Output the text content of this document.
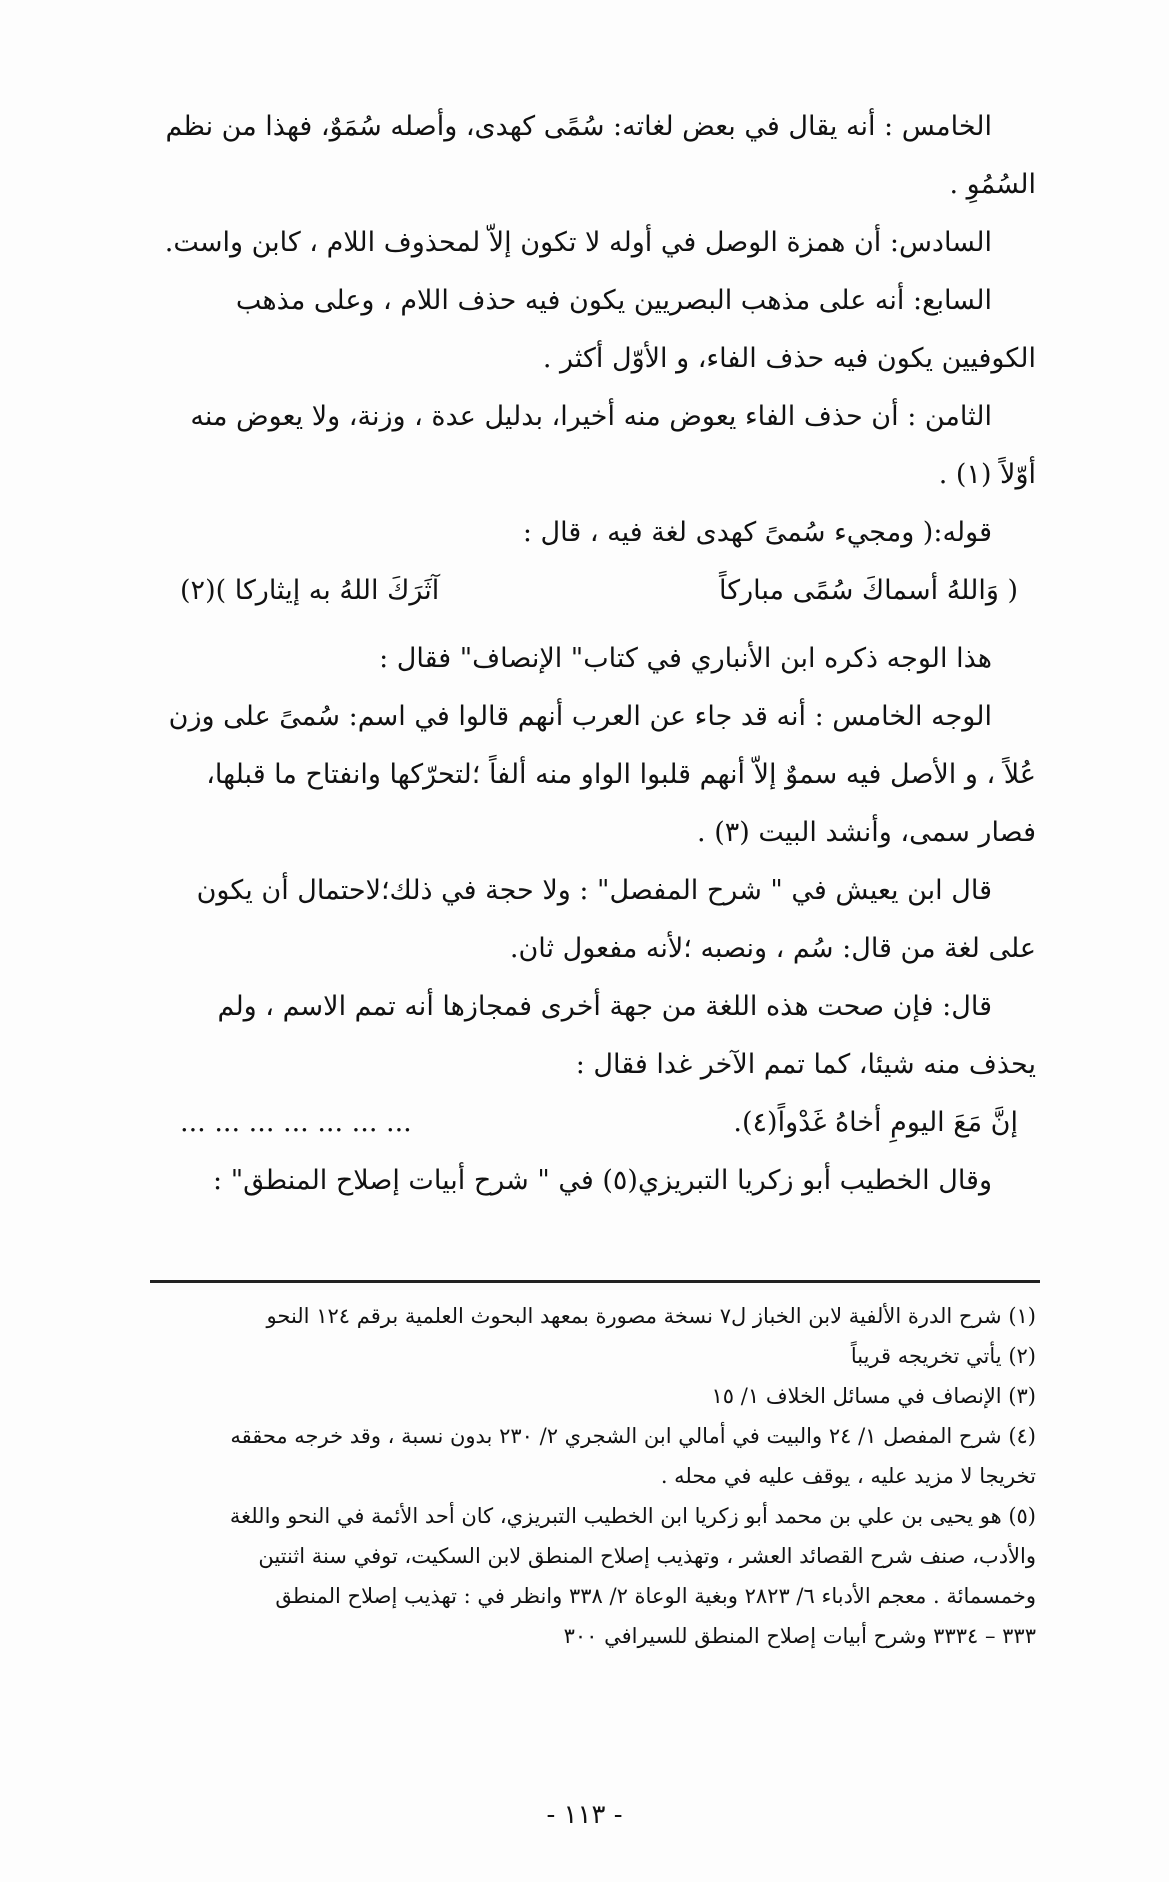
الخامس : أنه يقال في بعض لغاته: سُمًى كهدى، وأصله سُمَوٌ، فهذا من نظم
السُمُوِ .
السادس: أن همزة الوصل في أوله لا تكون إلاّ لمحذوف اللام ، كابن واست.
السابع: أنه على مذهب البصريين يكون فيه حذف اللام ، وعلى مذهب
الكوفيين يكون فيه حذف الفاء، و الأوّل أكثر .
الثامن : أن حذف الفاء يعوض منه أخيرا، بدليل عدة ، وزنة، ولا يعوض منه
أوّلاً (١) .
قوله:( ومجيء سُمىً كهدى لغة فيه ، قال :
( وَاللهُ أسماكَ سُمًى مباركاً
آثَرَكَ اللهُ به إيثاركا )(٢)
هذا الوجه ذكره ابن الأنباري في كتاب" الإنصاف" فقال :
الوجه الخامس : أنه قد جاء عن العرب أنهم قالوا في اسم: سُمىً على وزن
عُلاً ، و الأصل فيه سموٌ إلاّ أنهم قلبوا الواو منه ألفاً ؛لتحرّكها وانفتاح ما قبلها،
فصار سمى، وأنشد البيت (٣) .
قال ابن يعيش في " شرح المفصل" : ولا حجة في ذلك؛لاحتمال أن يكون
على لغة من قال: سُم ، ونصبه ؛لأنه مفعول ثان.
قال: فإن صحت هذه اللغة من جهة أخرى فمجازها أنه تمم الاسم ، ولم
يحذف منه شيئا، كما تمم الآخر غدا فقال :
إنَّ مَعَ اليومِ أخاهُ غَدْواً(٤).
... ... ... ... ... ... ...
وقال الخطيب أبو زكريا التبريزي(٥) في " شرح أبيات إصلاح المنطق" :
(١) شرح الدرة الألفية لابن الخباز ل٧ نسخة مصورة بمعهد البحوث العلمية برقم ١٢٤ النحو
(٢) يأتي تخريجه قريباً
(٣) الإنصاف في مسائل الخلاف ١/ ١٥
(٤) شرح المفصل ١/ ٢٤ والبيت في أمالي ابن الشجري ٢/ ٢٣٠ بدون نسبة ، وقد خرجه محققه
تخريجا لا مزيد عليه ، يوقف عليه في محله .
(٥) هو يحيى بن علي بن محمد أبو زكريا ابن الخطيب التبريزي، كان أحد الأئمة في النحو واللغة
والأدب، صنف شرح القصائد العشر ، وتهذيب إصلاح المنطق لابن السكيت، توفي سنة اثنتين
وخمسمائة . معجم الأدباء ٦/ ٢٨٢٣ وبغية الوعاة ٢/ ٣٣٨ وانظر في : تهذيب إصلاح المنطق
٣٣٣ – ٣٣٣٤ وشرح أبيات إصلاح المنطق للسيرافي ٣٠٠
- ١١٣ -
